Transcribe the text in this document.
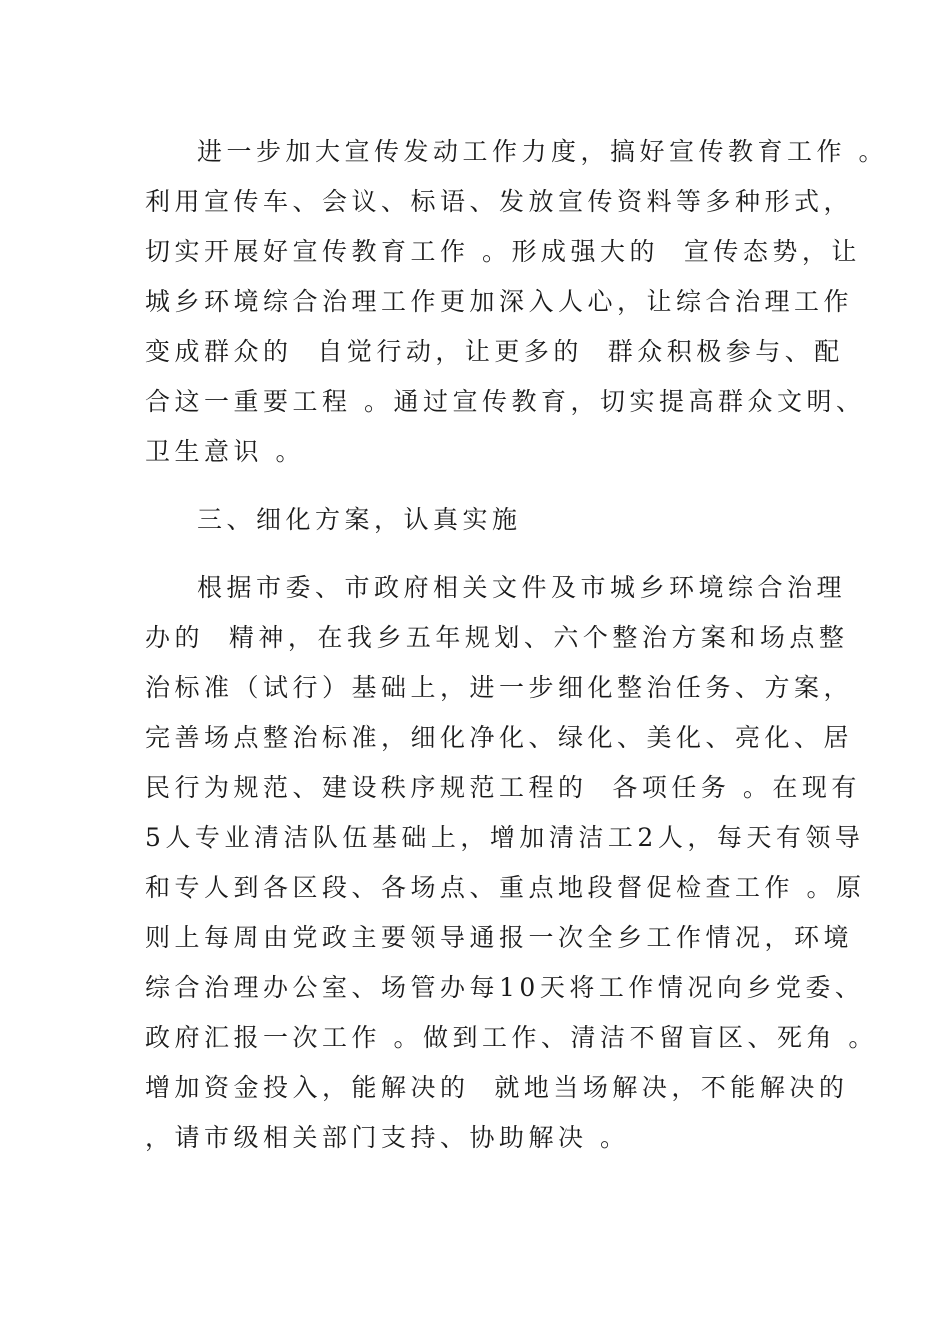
进一步加大宣传发动工作力度，搞好宣传教育工作 。
利用宣传车、会议、标语、发放宣传资料等多种形式，
切实开展好宣传教育工作 。形成强大的  宣传态势，让
城乡环境综合治理工作更加深入人心，让综合治理工作
变成群众的  自觉行动，让更多的  群众积极参与、配
合这一重要工程 。通过宣传教育，切实提高群众文明、
卫生意识 。
三、细化方案，认真实施
根据市委、市政府相关文件及市城乡环境综合治理
办的  精神，在我乡五年规划、六个整治方案和场点整
治标准（试行）基础上，进一步细化整治任务、方案，
完善场点整治标准，细化净化、绿化、美化、亮化、居
民行为规范、建设秩序规范工程的  各项任务 。在现有
5人专业清洁队伍基础上，增加清洁工2人，每天有领导
和专人到各区段、各场点、重点地段督促检查工作 。原
则上每周由党政主要领导通报一次全乡工作情况，环境
综合治理办公室、场管办每10天将工作情况向乡党委、
政府汇报一次工作 。做到工作、清洁不留盲区、死角 。
增加资金投入，能解决的  就地当场解决，不能解决的
，请市级相关部门支持、协助解决 。
